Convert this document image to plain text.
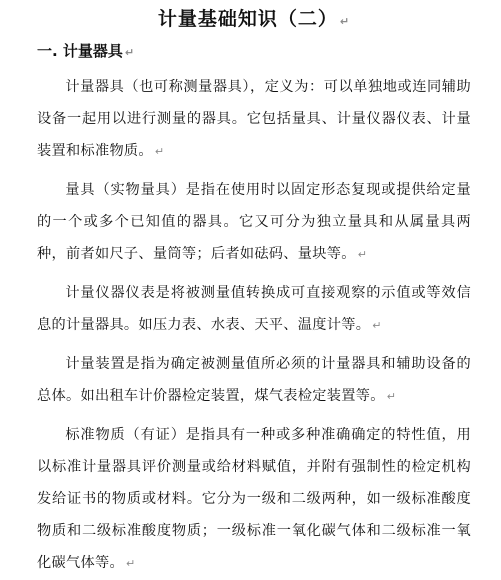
计量基础知识（二） ↵
一. 计量器具 ↵

计量器具（也可称测量器具），定义为：可以单独地或连同辅助设备一起用以进行测量的器具。它包括量具、计量仪器仪表、计量装置和标准物质。 ↵

量具（实物量具）是指在使用时以固定形态复现或提供给定量的一个或多个已知值的器具。它又可分为独立量具和从属量具两种，前者如尺子、量筒等；后者如砝码、量块等。 ↵

计量仪器仪表是将被测量值转换成可直接观察的示值或等效信息的计量器具。如压力表、水表、天平、温度计等。 ↵

计量装置是指为确定被测量值所必须的计量器具和辅助设备的总体。如出租车计价器检定装置，煤气表检定装置等。 ↵

标准物质（有证）是指具有一种或多种准确确定的特性值，用以标准计量器具评价测量或给材料赋值，并附有强制性的检定机构发给证书的物质或材料。它分为一级和二级两种，如一级标准酸度物质和二级标准酸度物质；一级标准一氧化碳气体和二级标准一氧化碳气体等。 ↵
